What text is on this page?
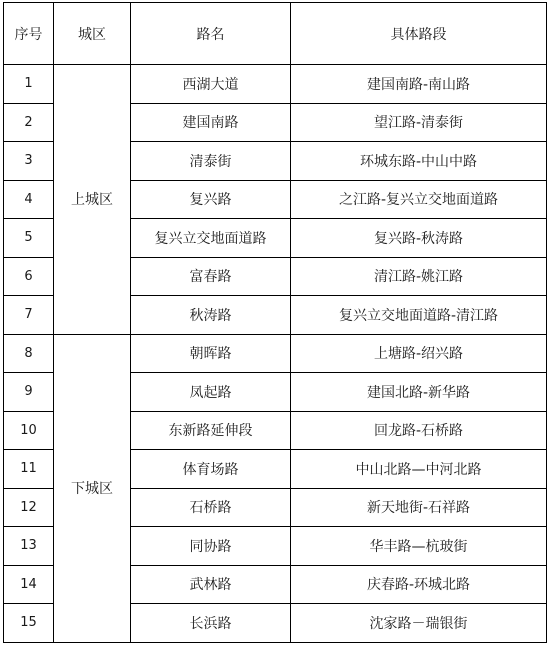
序号	城区	路名	具体路段
1	上城区	西湖大道	建国南路-南山路
2		建国南路	望江路-清泰街
3		清泰街	环城东路-中山中路
4		复兴路	之江路-复兴立交地面道路
5		复兴立交地面道路	复兴路-秋涛路
6		富春路	清江路-姚江路
7		秋涛路	复兴立交地面道路-清江路
8	下城区	朝晖路	上塘路-绍兴路
9		凤起路	建国北路-新华路
10		东新路延伸段	回龙路-石桥路
11		体育场路	中山北路—中河北路
12		石桥路	新天地街-石祥路
13		同协路	华丰路—杭玻街
14		武林路	庆春路-环城北路
15		长浜路	沈家路－瑞银街
